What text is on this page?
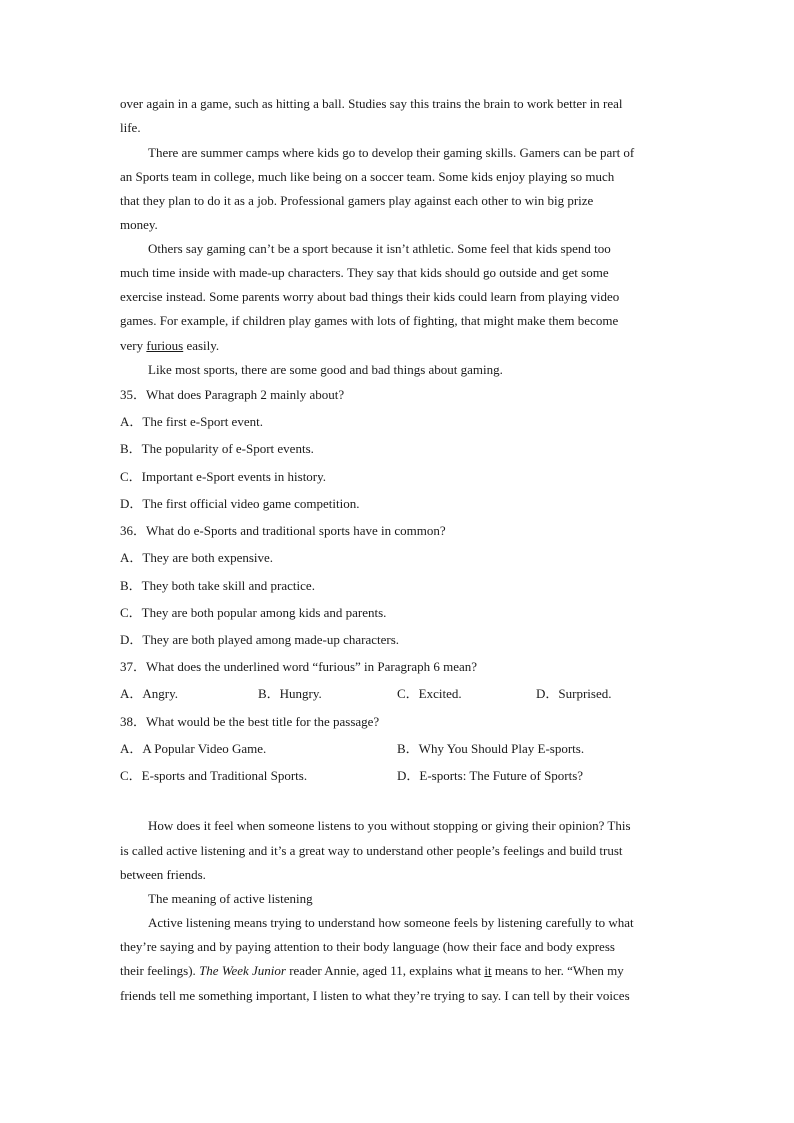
over again in a game, such as hitting a ball. Studies say this trains the brain to work better in real
life.
There are summer camps where kids go to develop their gaming skills. Gamers can be part of
an Sports team in college, much like being on a soccer team. Some kids enjoy playing so much
that they plan to do it as a job. Professional gamers play against each other to win big prize
money.
Others say gaming can’t be a sport because it isn’t athletic. Some feel that kids spend too
much time inside with made-up characters. They say that kids should go outside and get some
exercise instead. Some parents worry about bad things their kids could learn from playing video
games. For example, if children play games with lots of fighting, that might make them become
very furious easily.
Like most sports, there are some good and bad things about gaming.
35．What does Paragraph 2 mainly about?
A．The first e-Sport event.
B．The popularity of e-Sport events.
C．Important e-Sport events in history.
D．The first official video game competition.
36．What do e-Sports and traditional sports have in common?
A．They are both expensive.
B．They both take skill and practice.
C．They are both popular among kids and parents.
D．They are both played among made-up characters.
37．What does the underlined word “furious” in Paragraph 6 mean?
A．Angry.	B．Hungry.	C．Excited.	D．Surprised.
38．What would be the best title for the passage?
A．A Popular Video Game.	B．Why You Should Play E-sports.
C．E-sports and Traditional Sports.	D．E-sports: The Future of Sports?
How does it feel when someone listens to you without stopping or giving their opinion? This
is called active listening and it’s a great way to understand other people’s feelings and build trust
between friends.
The meaning of active listening
Active listening means trying to understand how someone feels by listening carefully to what
they’re saying and by paying attention to their body language (how their face and body express
their feelings). The Week Junior reader Annie, aged 11, explains what it means to her. “When my
friends tell me something important, I listen to what they’re trying to say. I can tell by their voices
